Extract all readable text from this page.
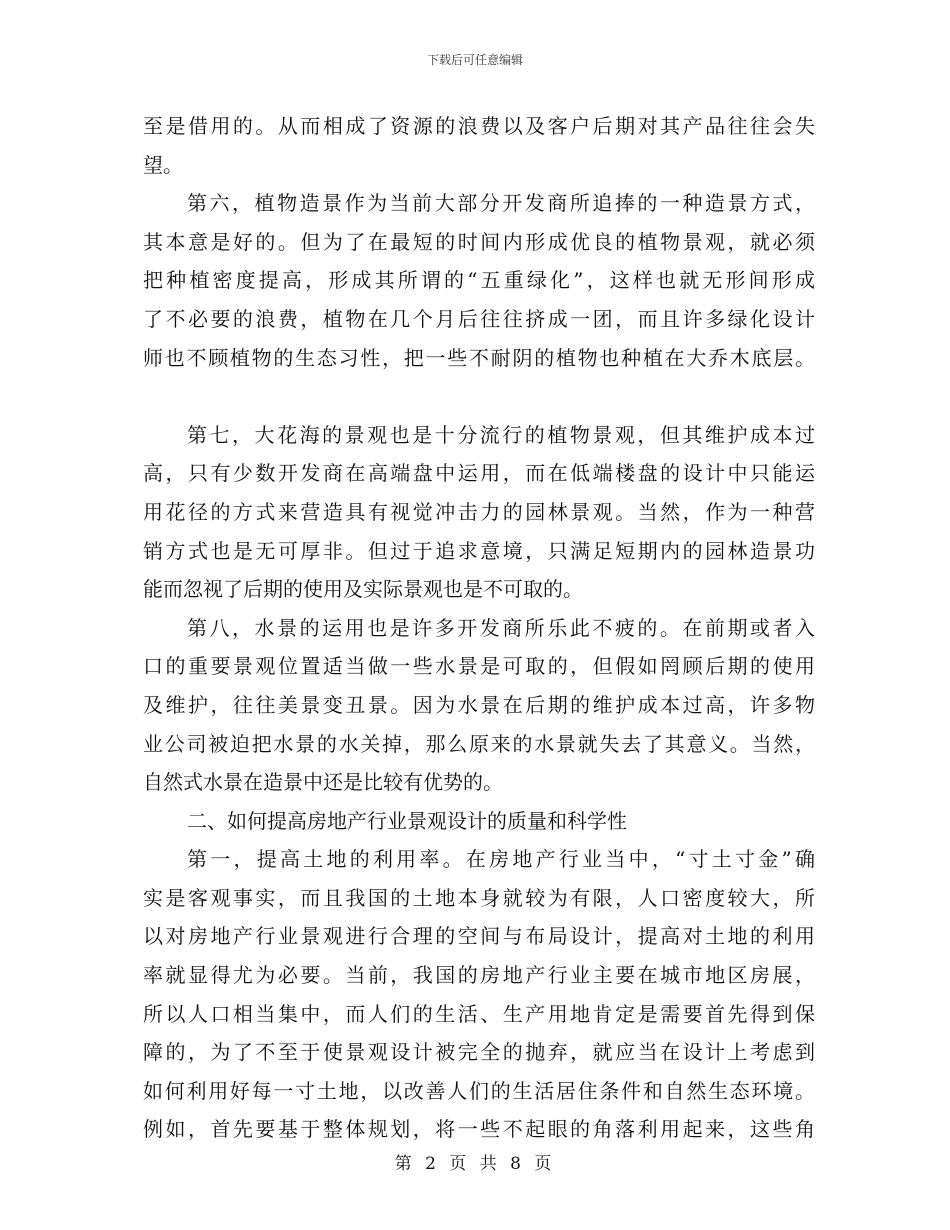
下载后可任意编辑
至是借用的。从而相成了资源的浪费以及客户后期对其产品往往会失
望。
第六，植物造景作为当前大部分开发商所追捧的一种造景方式，
其本意是好的。但为了在最短的时间内形成优良的植物景观，就必须
把种植密度提高，形成其所谓的“五重绿化”，这样也就无形间形成
了不必要的浪费，植物在几个月后往往挤成一团，而且许多绿化设计
师也不顾植物的生态习性，把一些不耐阴的植物也种植在大乔木底层。
第七，大花海的景观也是十分流行的植物景观，但其维护成本过
高，只有少数开发商在高端盘中运用，而在低端楼盘的设计中只能运
用花径的方式来营造具有视觉冲击力的园林景观。当然，作为一种营
销方式也是无可厚非。但过于追求意境，只满足短期内的园林造景功
能而忽视了后期的使用及实际景观也是不可取的。
第八，水景的运用也是许多开发商所乐此不疲的。在前期或者入
口的重要景观位置适当做一些水景是可取的，但假如罔顾后期的使用
及维护，往往美景变丑景。因为水景在后期的维护成本过高，许多物
业公司被迫把水景的水关掉，那么原来的水景就失去了其意义。当然，
自然式水景在造景中还是比较有优势的。
二、如何提高房地产行业景观设计的质量和科学性
第一，提高土地的利用率。在房地产行业当中，“寸土寸金”确
实是客观事实，而且我国的土地本身就较为有限，人口密度较大，所
以对房地产行业景观进行合理的空间与布局设计，提高对土地的利用
率就显得尤为必要。当前，我国的房地产行业主要在城市地区房展，
所以人口相当集中，而人们的生活、生产用地肯定是需要首先得到保
障的，为了不至于使景观设计被完全的抛弃，就应当在设计上考虑到
如何利用好每一寸土地，以改善人们的生活居住条件和自然生态环境。
例如，首先要基于整体规划，将一些不起眼的角落利用起来，这些角
第 2 页 共 8 页
